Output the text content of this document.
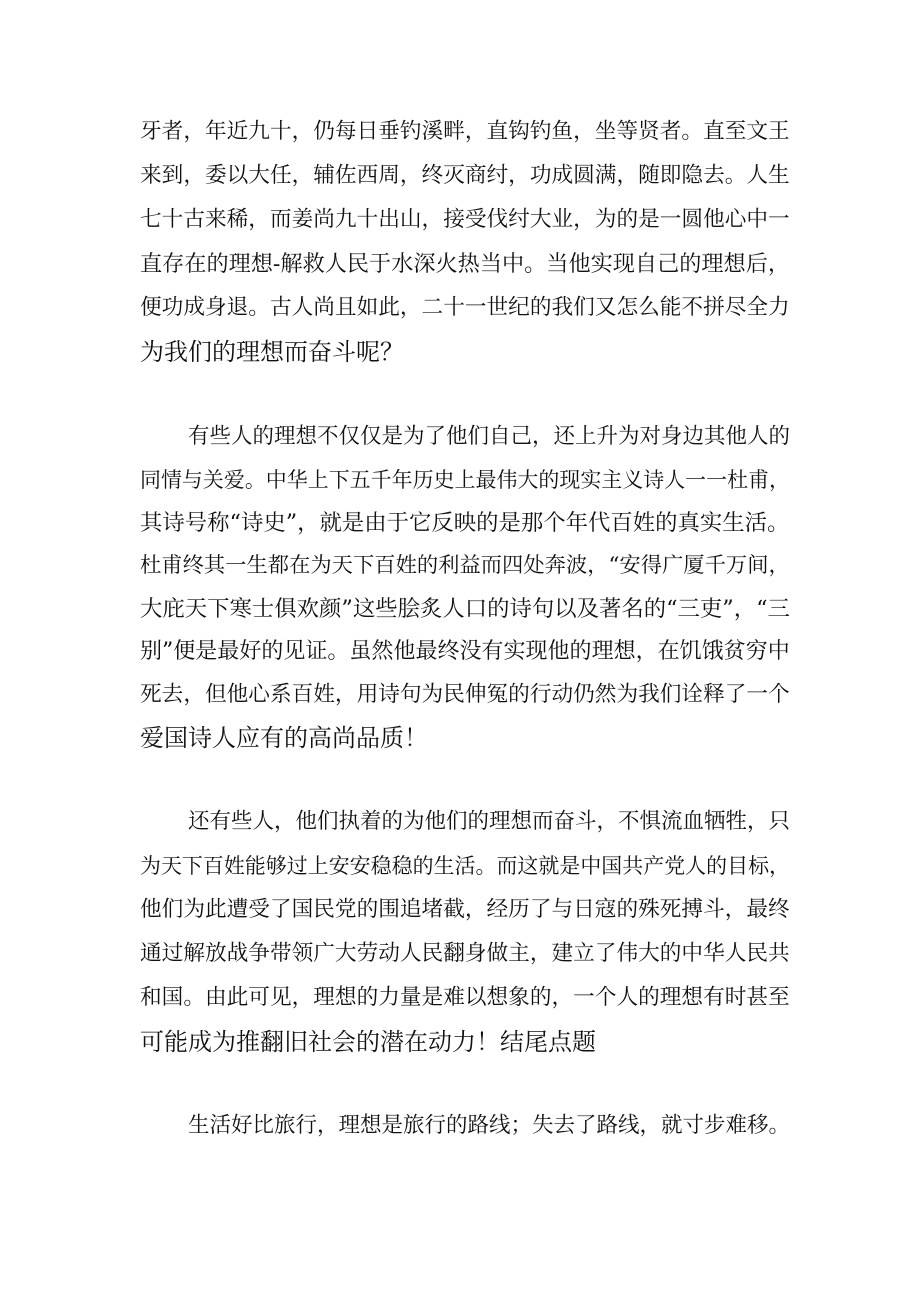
牙者，年近九十，仍每日垂钓溪畔，直钩钓鱼，坐等贤者。直至文王

来到，委以大任，辅佐西周，终灭商纣，功成圆满，随即隐去。人生

七十古来稀，而姜尚九十出山，接受伐纣大业，为的是一圆他心中一

直存在的理想-解救人民于水深火热当中。当他实现自己的理想后，

便功成身退。古人尚且如此，二十一世纪的我们又怎么能不拼尽全力

为我们的理想而奋斗呢？

有些人的理想不仅仅是为了他们自己，还上升为对身边其他人的

同情与关爱。中华上下五千年历史上最伟大的现实主义诗人一一杜甫，

其诗号称“诗史”，就是由于它反映的是那个年代百姓的真实生活。

杜甫终其一生都在为天下百姓的利益而四处奔波，“安得广厦千万间，

大庇天下寒士俱欢颜”这些脍炙人口的诗句以及著名的“三吏”，“三

别”便是最好的见证。虽然他最终没有实现他的理想，在饥饿贫穷中

死去，但他心系百姓，用诗句为民伸冤的行动仍然为我们诠释了一个

爱国诗人应有的高尚品质！

还有些人，他们执着的为他们的理想而奋斗，不惧流血牺牲，只

为天下百姓能够过上安安稳稳的生活。而这就是中国共产党人的目标，

他们为此遭受了国民党的围追堵截，经历了与日寇的殊死搏斗，最终

通过解放战争带领广大劳动人民翻身做主，建立了伟大的中华人民共

和国。由此可见，理想的力量是难以想象的，一个人的理想有时甚至

可能成为推翻旧社会的潜在动力！结尾点题

生活好比旅行，理想是旅行的路线；失去了路线，就寸步难移。
